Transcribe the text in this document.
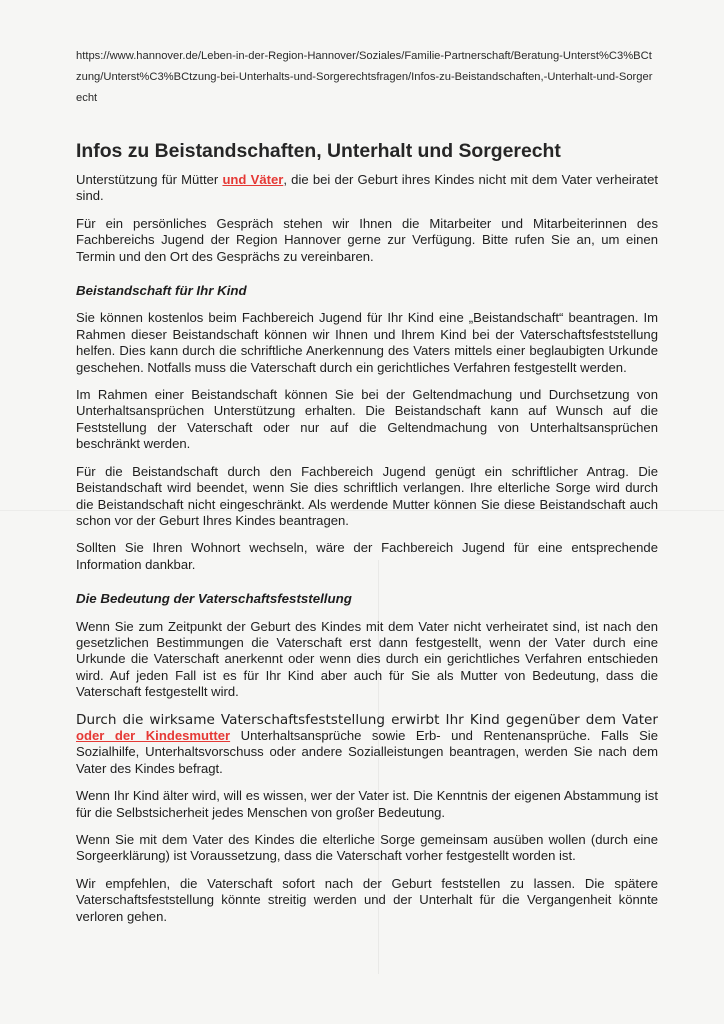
https://www.hannover.de/Leben-in-der-Region-Hannover/Soziales/Familie-Partnerschaft/Beratung-Unterst%C3%BCtzung/Unterst%C3%BCtzung-bei-Unterhalts-und-Sorgerechtsfragen/Infos-zu-Beistandschaften,-Unterhalt-und-Sorgerecht
Infos zu Beistandschaften, Unterhalt und Sorgerecht

Unterstützung für Mütter und Väter, die bei der Geburt ihres Kindes nicht mit dem Vater verheiratet sind.

Für ein persönliches Gespräch stehen wir Ihnen die Mitarbeiter und Mitarbeiterinnen des Fachbereichs Jugend der Region Hannover gerne zur Verfügung. Bitte rufen Sie an, um einen Termin und den Ort des Gesprächs zu vereinbaren.

Beistandschaft für Ihr Kind

Sie können kostenlos beim Fachbereich Jugend für Ihr Kind eine „Beistandschaft“ beantragen. Im Rahmen dieser Beistandschaft können wir Ihnen und Ihrem Kind bei der Vaterschaftsfeststellung helfen. Dies kann durch die schriftliche Anerkennung des Vaters mittels einer beglaubigten Urkunde geschehen. Notfalls muss die Vaterschaft durch ein gerichtliches Verfahren festgestellt werden.

Im Rahmen einer Beistandschaft können Sie bei der Geltendmachung und Durchsetzung von Unterhaltsansprüchen Unterstützung erhalten. Die Beistandschaft kann auf Wunsch auf die Feststellung der Vaterschaft oder nur auf die Geltendmachung von Unterhaltsansprüchen beschränkt werden.

Für die Beistandschaft durch den Fachbereich Jugend genügt ein schriftlicher Antrag. Die Beistandschaft wird beendet, wenn Sie dies schriftlich verlangen. Ihre elterliche Sorge wird durch die Beistandschaft nicht eingeschränkt. Als werdende Mutter können Sie diese Beistandschaft auch schon vor der Geburt Ihres Kindes beantragen.

Sollten Sie Ihren Wohnort wechseln, wäre der Fachbereich Jugend für eine entsprechende Information dankbar.

Die Bedeutung der Vaterschaftsfeststellung

Wenn Sie zum Zeitpunkt der Geburt des Kindes mit dem Vater nicht verheiratet sind, ist nach den gesetzlichen Bestimmungen die Vaterschaft erst dann festgestellt, wenn der Vater durch eine Urkunde die Vaterschaft anerkennt oder wenn dies durch ein gerichtliches Verfahren entschieden wird. Auf jeden Fall ist es für Ihr Kind aber auch für Sie als Mutter von Bedeutung, dass die Vaterschaft festgestellt wird.

Durch die wirksame Vaterschaftsfeststellung erwirbt Ihr Kind gegenüber dem Vater oder der Kindesmutter Unterhaltsansprüche sowie Erb- und Rentenansprüche. Falls Sie Sozialhilfe, Unterhaltsvorschuss oder andere Sozialleistungen beantragen, werden Sie nach dem Vater des Kindes befragt.

Wenn Ihr Kind älter wird, will es wissen, wer der Vater ist. Die Kenntnis der eigenen Abstammung ist für die Selbstsicherheit jedes Menschen von großer Bedeutung.

Wenn Sie mit dem Vater des Kindes die elterliche Sorge gemeinsam ausüben wollen (durch eine Sorgeerklärung) ist Voraussetzung, dass die Vaterschaft vorher festgestellt worden ist.

Wir empfehlen, die Vaterschaft sofort nach der Geburt feststellen zu lassen. Die spätere Vaterschaftsfeststellung könnte streitig werden und der Unterhalt für die Vergangenheit könnte verloren gehen.
